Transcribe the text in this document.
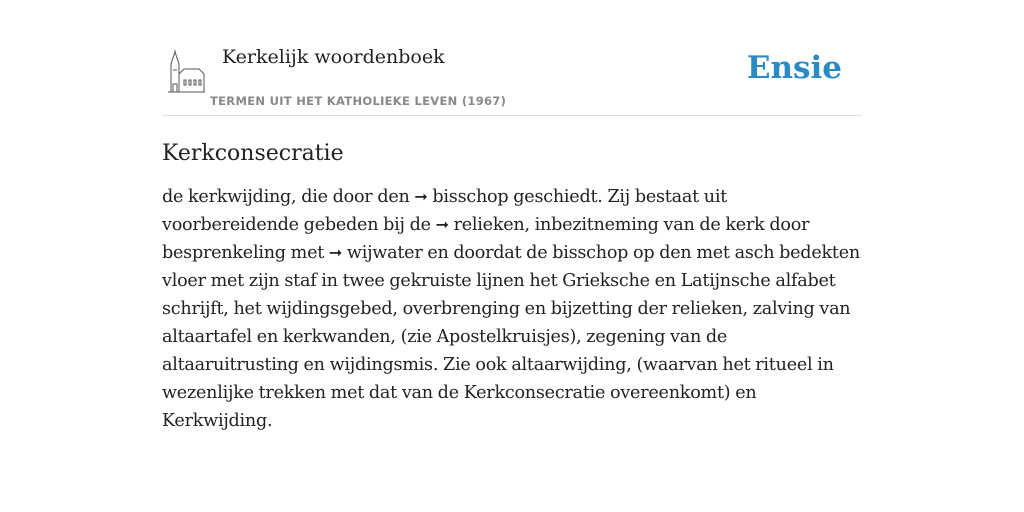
Kerkelijk woordenboek
TERMEN UIT HET KATHOLIEKE LEVEN (1967)
Ensie
Kerkconsecratie
de kerkwijding, die door den ➞ bisschop geschiedt. Zij bestaat uit voorbereidende gebeden bij de ➞ relieken, inbezitneming van de kerk door besprenkeling met ➞ wijwater en doordat de bisschop op den met asch bedekten vloer met zijn staf in twee gekruiste lijnen het Grieksche en Latijnsche alfabet schrijft, het wijdingsgebed, overbrenging en bijzetting der relieken, zalving van altaartafel en kerkwanden, (zie Apostelkruisjes), zegening van de altaaruitrusting en wijdingsmis. Zie ook altaarwijding, (waarvan het ritueel in wezenlijke trekken met dat van de Kerkconsecratie overeenkomt) en Kerkwijding.
